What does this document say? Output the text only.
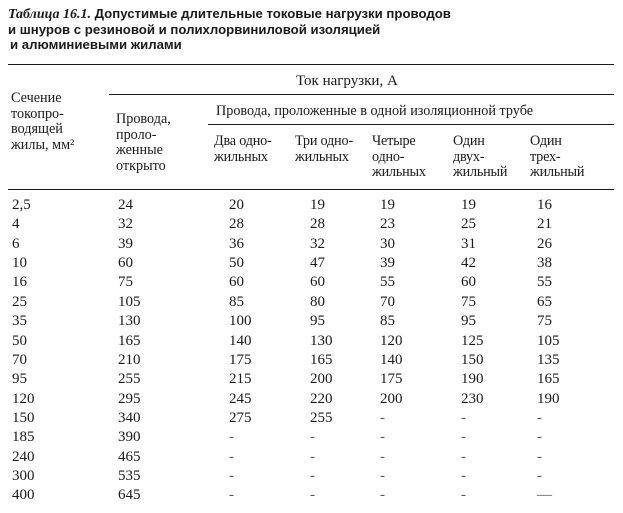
Таблица 16.1. Допустимые длительные токовые нагрузки проводов
и шнуров с резиновой и полихлорвиниловой изоляцией
и алюминиевыми жилами
Сечение
токопро-
водящей
жилы, мм²
Ток нагрузки, А
Провода,
проло-
женные
открыто
Провода, проложенные в одной изоляционной трубе
Два одно-
жильных
Три одно-
жильных
Четыре
одно-
жильных
Один
двух-
жильный
Один
трех-
жильный
2,5	24	20	19	19	19	16
4	32	28	28	23	25	21
6	39	36	32	30	31	26
10	60	50	47	39	42	38
16	75	60	60	55	60	55
25	105	85	80	70	75	65
35	130	100	95	85	95	75
50	165	140	130	120	125	105
70	210	175	165	140	150	135
95	255	215	200	175	190	165
120	295	245	220	200	230	190
150	340	275	255	-	-	-
185	390	-	-	-	-	-
240	465	-	-	-	-	-
300	535	-	-	-	-	-
400	645	-	-	-	-	—
